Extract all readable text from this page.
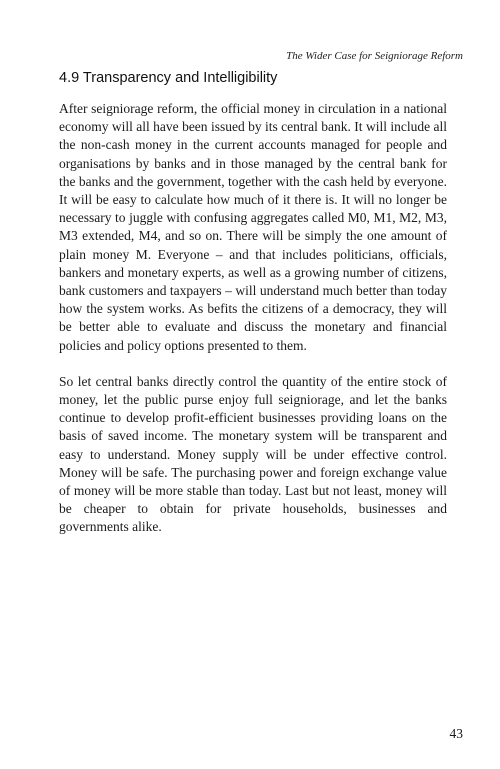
The Wider Case for Seigniorage Reform
4.9 Transparency and Intelligibility

After seigniorage reform, the official money in circulation in a national economy will all have been issued by its central bank. It will include all the non-cash money in the current accounts managed for people and organisations by banks and in those managed by the central bank for the banks and the government, together with the cash held by everyone. It will be easy to calculate how much of it there is. It will no longer be necessary to juggle with confusing aggregates called M0, M1, M2, M3, M3 extended, M4, and so on. There will be simply the one amount of plain money M. Everyone – and that includes politicians, officials, bankers and monetary experts, as well as a growing number of citizens, bank customers and taxpayers – will understand much better than today how the system works. As befits the citizens of a democracy, they will be better able to evaluate and discuss the monetary and financial policies and policy options presented to them.

So let central banks directly control the quantity of the entire stock of money, let the public purse enjoy full seigniorage, and let the banks continue to develop profit-efficient businesses providing loans on the basis of saved income. The monetary system will be transparent and easy to understand. Money supply will be under effective control. Money will be safe. The purchasing power and foreign exchange value of money will be more stable than today. Last but not least, money will be cheaper to obtain for private households, businesses and governments alike.

43
